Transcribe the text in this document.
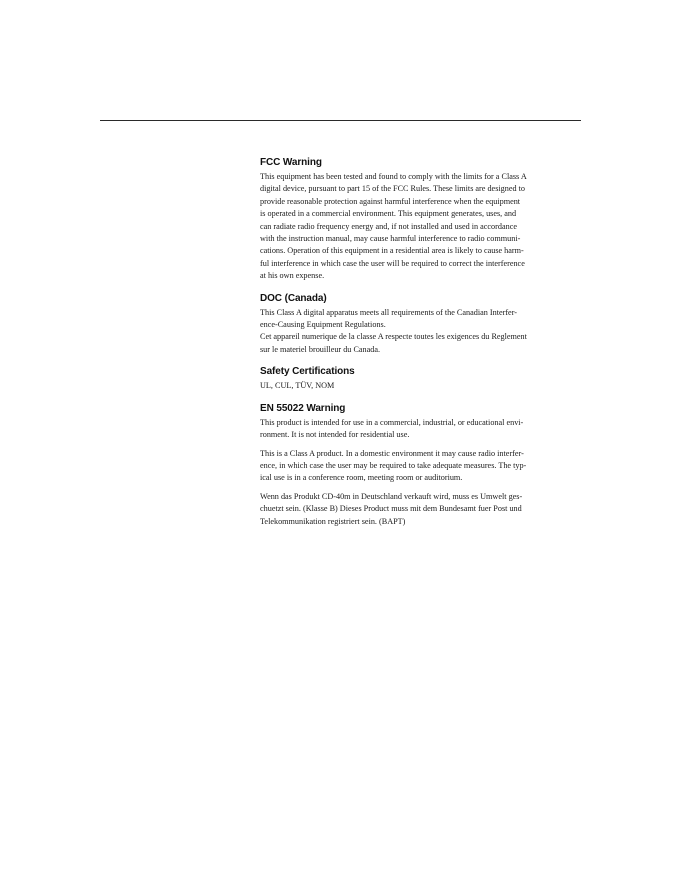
FCC Warning

This equipment has been tested and found to comply with the limits for a Class A
digital device, pursuant to part 15 of the FCC Rules. These limits are designed to
provide reasonable protection against harmful interference when the equipment
is operated in a commercial environment. This equipment generates, uses, and
can radiate radio frequency energy and, if not installed and used in accordance
with the instruction manual, may cause harmful interference to radio communi-
cations. Operation of this equipment in a residential area is likely to cause harm-
ful interference in which case the user will be required to correct the interference
at his own expense.

DOC (Canada)

This Class A digital apparatus meets all requirements of the Canadian Interfer-
ence-Causing Equipment Regulations.

Cet appareil numerique de la classe A respecte toutes les exigences du Reglement
sur le materiel brouilleur du Canada.

Safety Certifications

UL, CUL, TÜV, NOM

EN 55022 Warning

This product is intended for use in a commercial, industrial, or educational envi-
ronment. It is not intended for residential use.

This is a Class A product. In a domestic environment it may cause radio interfer-
ence, in which case the user may be required to take adequate measures. The typ-
ical use is in a conference room, meeting room or auditorium.

Wenn das Produkt CD-40m in Deutschland verkauft wird, muss es Umwelt ges-
chuetzt sein. (Klasse B) Dieses Product muss mit dem Bundesamt fuer Post und
Telekommunikation registriert sein. (BAPT)
